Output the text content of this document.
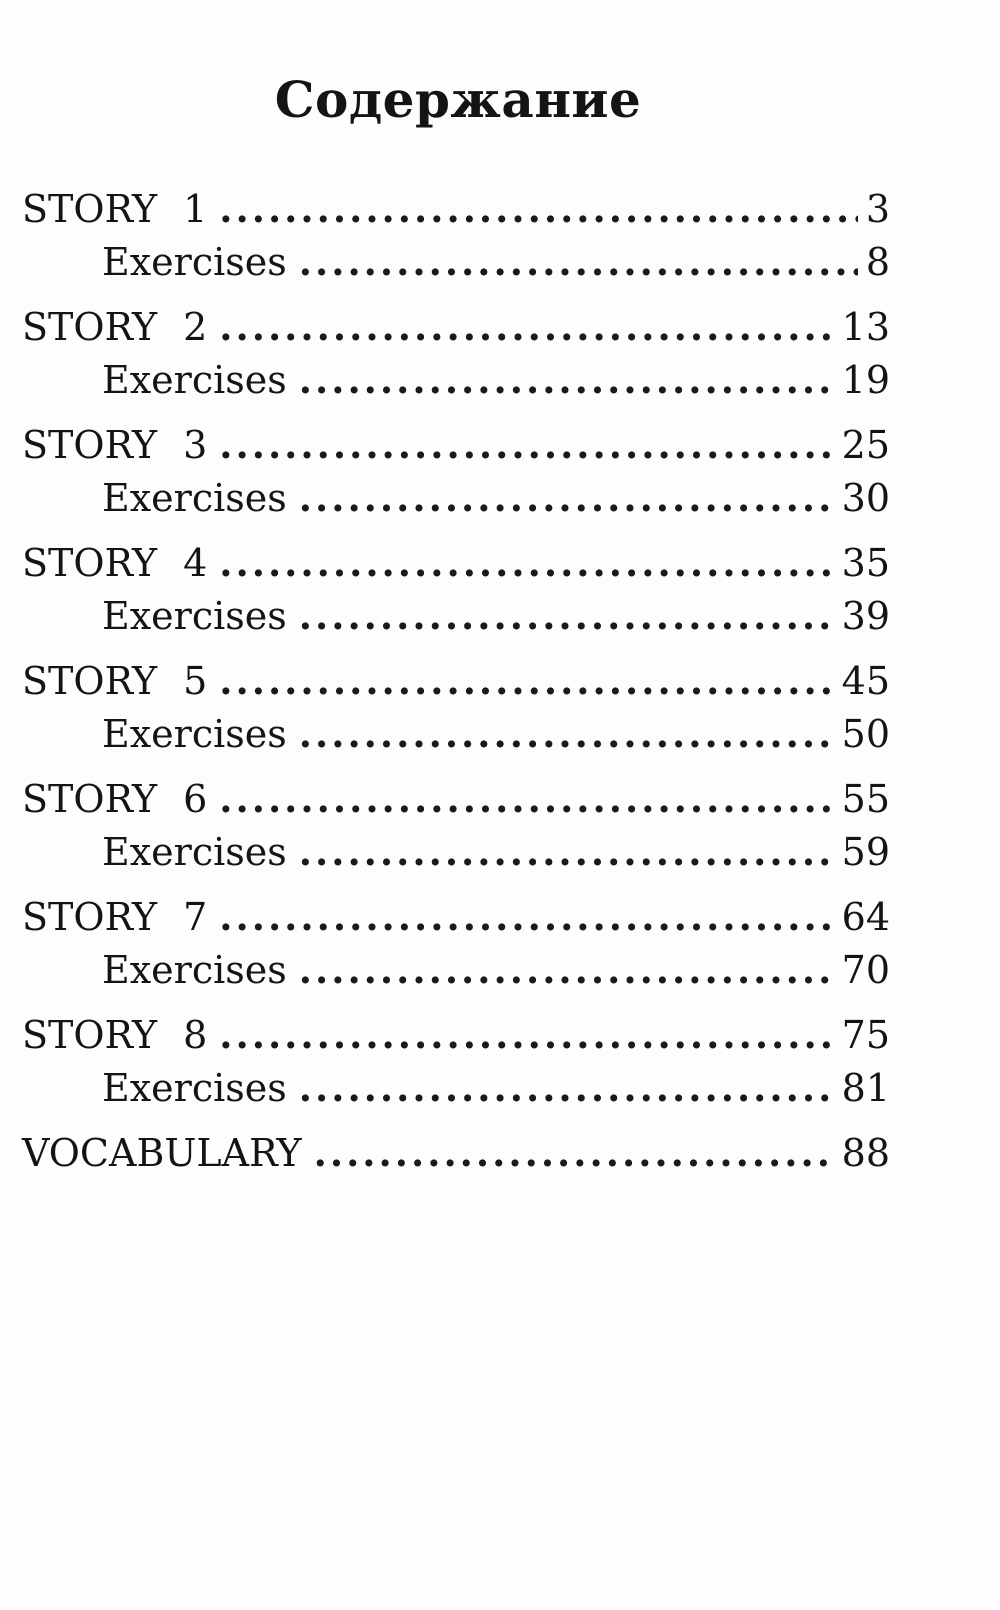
Содержание
STORY 1 .....	3
Exercises .....	8
STORY 2 .....	13
Exercises .....	19
STORY 3 .....	25
Exercises .....	30
STORY 4 .....	35
Exercises .....	39
STORY 5 .....	45
Exercises .....	50
STORY 6 .....	55
Exercises .....	59
STORY 7 .....	64
Exercises .....	70
STORY 8 .....	75
Exercises .....	81
VOCABULARY .....	88
